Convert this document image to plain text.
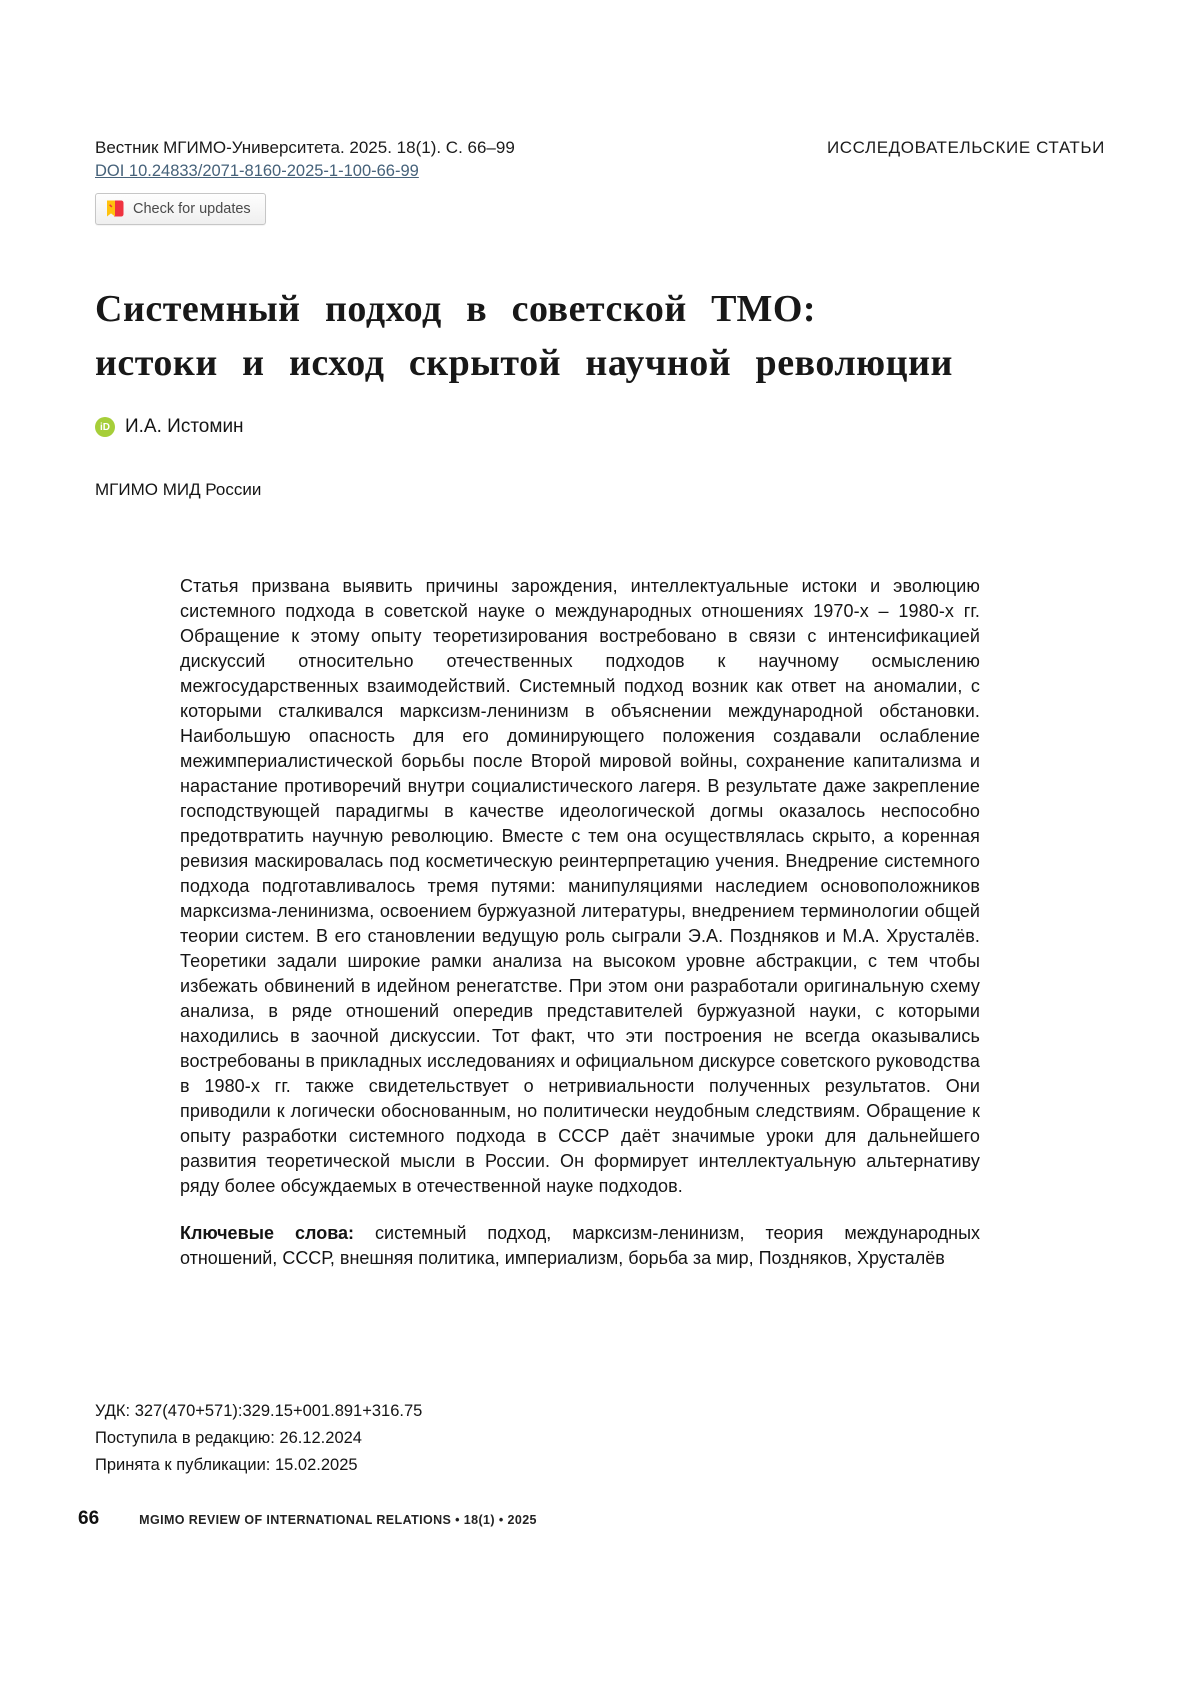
Вестник МГИМО-Университета. 2025. 18(1). С. 66–99	ИССЛЕДОВАТЕЛЬСКИЕ СТАТЬИ
DOI 10.24833/2071-8160-2025-1-100-66-99
Check for updates
Системный подход в советской ТМО:
истоки и исход скрытой научной революции
iD И.А. Истомин
МГИМО МИД России
Статья призвана выявить причины зарождения, интеллектуальные истоки и эволюцию системного подхода в советской науке о международных отношениях 1970-х – 1980-х гг. Обращение к этому опыту теоретизирования востребовано в связи с интенсификацией дискуссий относительно отечественных подходов к научному осмыслению межгосударственных взаимодействий. Системный подход возник как ответ на аномалии, с которыми сталкивался марксизм-ленинизм в объяснении международной обстановки. Наибольшую опасность для его доминирующего положения создавали ослабление межимпериалистической борьбы после Второй мировой войны, сохранение капитализма и нарастание противоречий внутри социалистического лагеря. В результате даже закрепление господствующей парадигмы в качестве идеологической догмы оказалось неспособно предотвратить научную революцию. Вместе с тем она осуществлялась скрыто, а коренная ревизия маскировалась под косметическую реинтерпретацию учения. Внедрение системного подхода подготавливалось тремя путями: манипуляциями наследием основоположников марксизма-ленинизма, освоением буржуазной литературы, внедрением терминологии общей теории систем. В его становлении ведущую роль сыграли Э.А. Поздняков и М.А. Хрусталёв. Теоретики задали широкие рамки анализа на высоком уровне абстракции, с тем чтобы избежать обвинений в идейном ренегатстве. При этом они разработали оригинальную схему анализа, в ряде отношений опередив представителей буржуазной науки, с которыми находились в заочной дискуссии. Тот факт, что эти построения не всегда оказывались востребованы в прикладных исследованиях и официальном дискурсе советского руководства в 1980-х гг. также свидетельствует о нетривиальности полученных результатов. Они приводили к логически обоснованным, но политически неудобным следствиям. Обращение к опыту разработки системного подхода в СССР даёт значимые уроки для дальнейшего развития теоретической мысли в России. Он формирует интеллектуальную альтернативу ряду более обсуждаемых в отечественной науке подходов.

Ключевые слова: системный подход, марксизм-ленинизм, теория международных отношений, СССР, внешняя политика, империализм, борьба за мир, Поздняков, Хрусталёв

УДК: 327(470+571):329.15+001.891+316.75
Поступила в редакцию: 26.12.2024
Принята к публикации: 15.02.2025
66	MGIMO REVIEW OF INTERNATIONAL RELATIONS • 18(1) • 2025
